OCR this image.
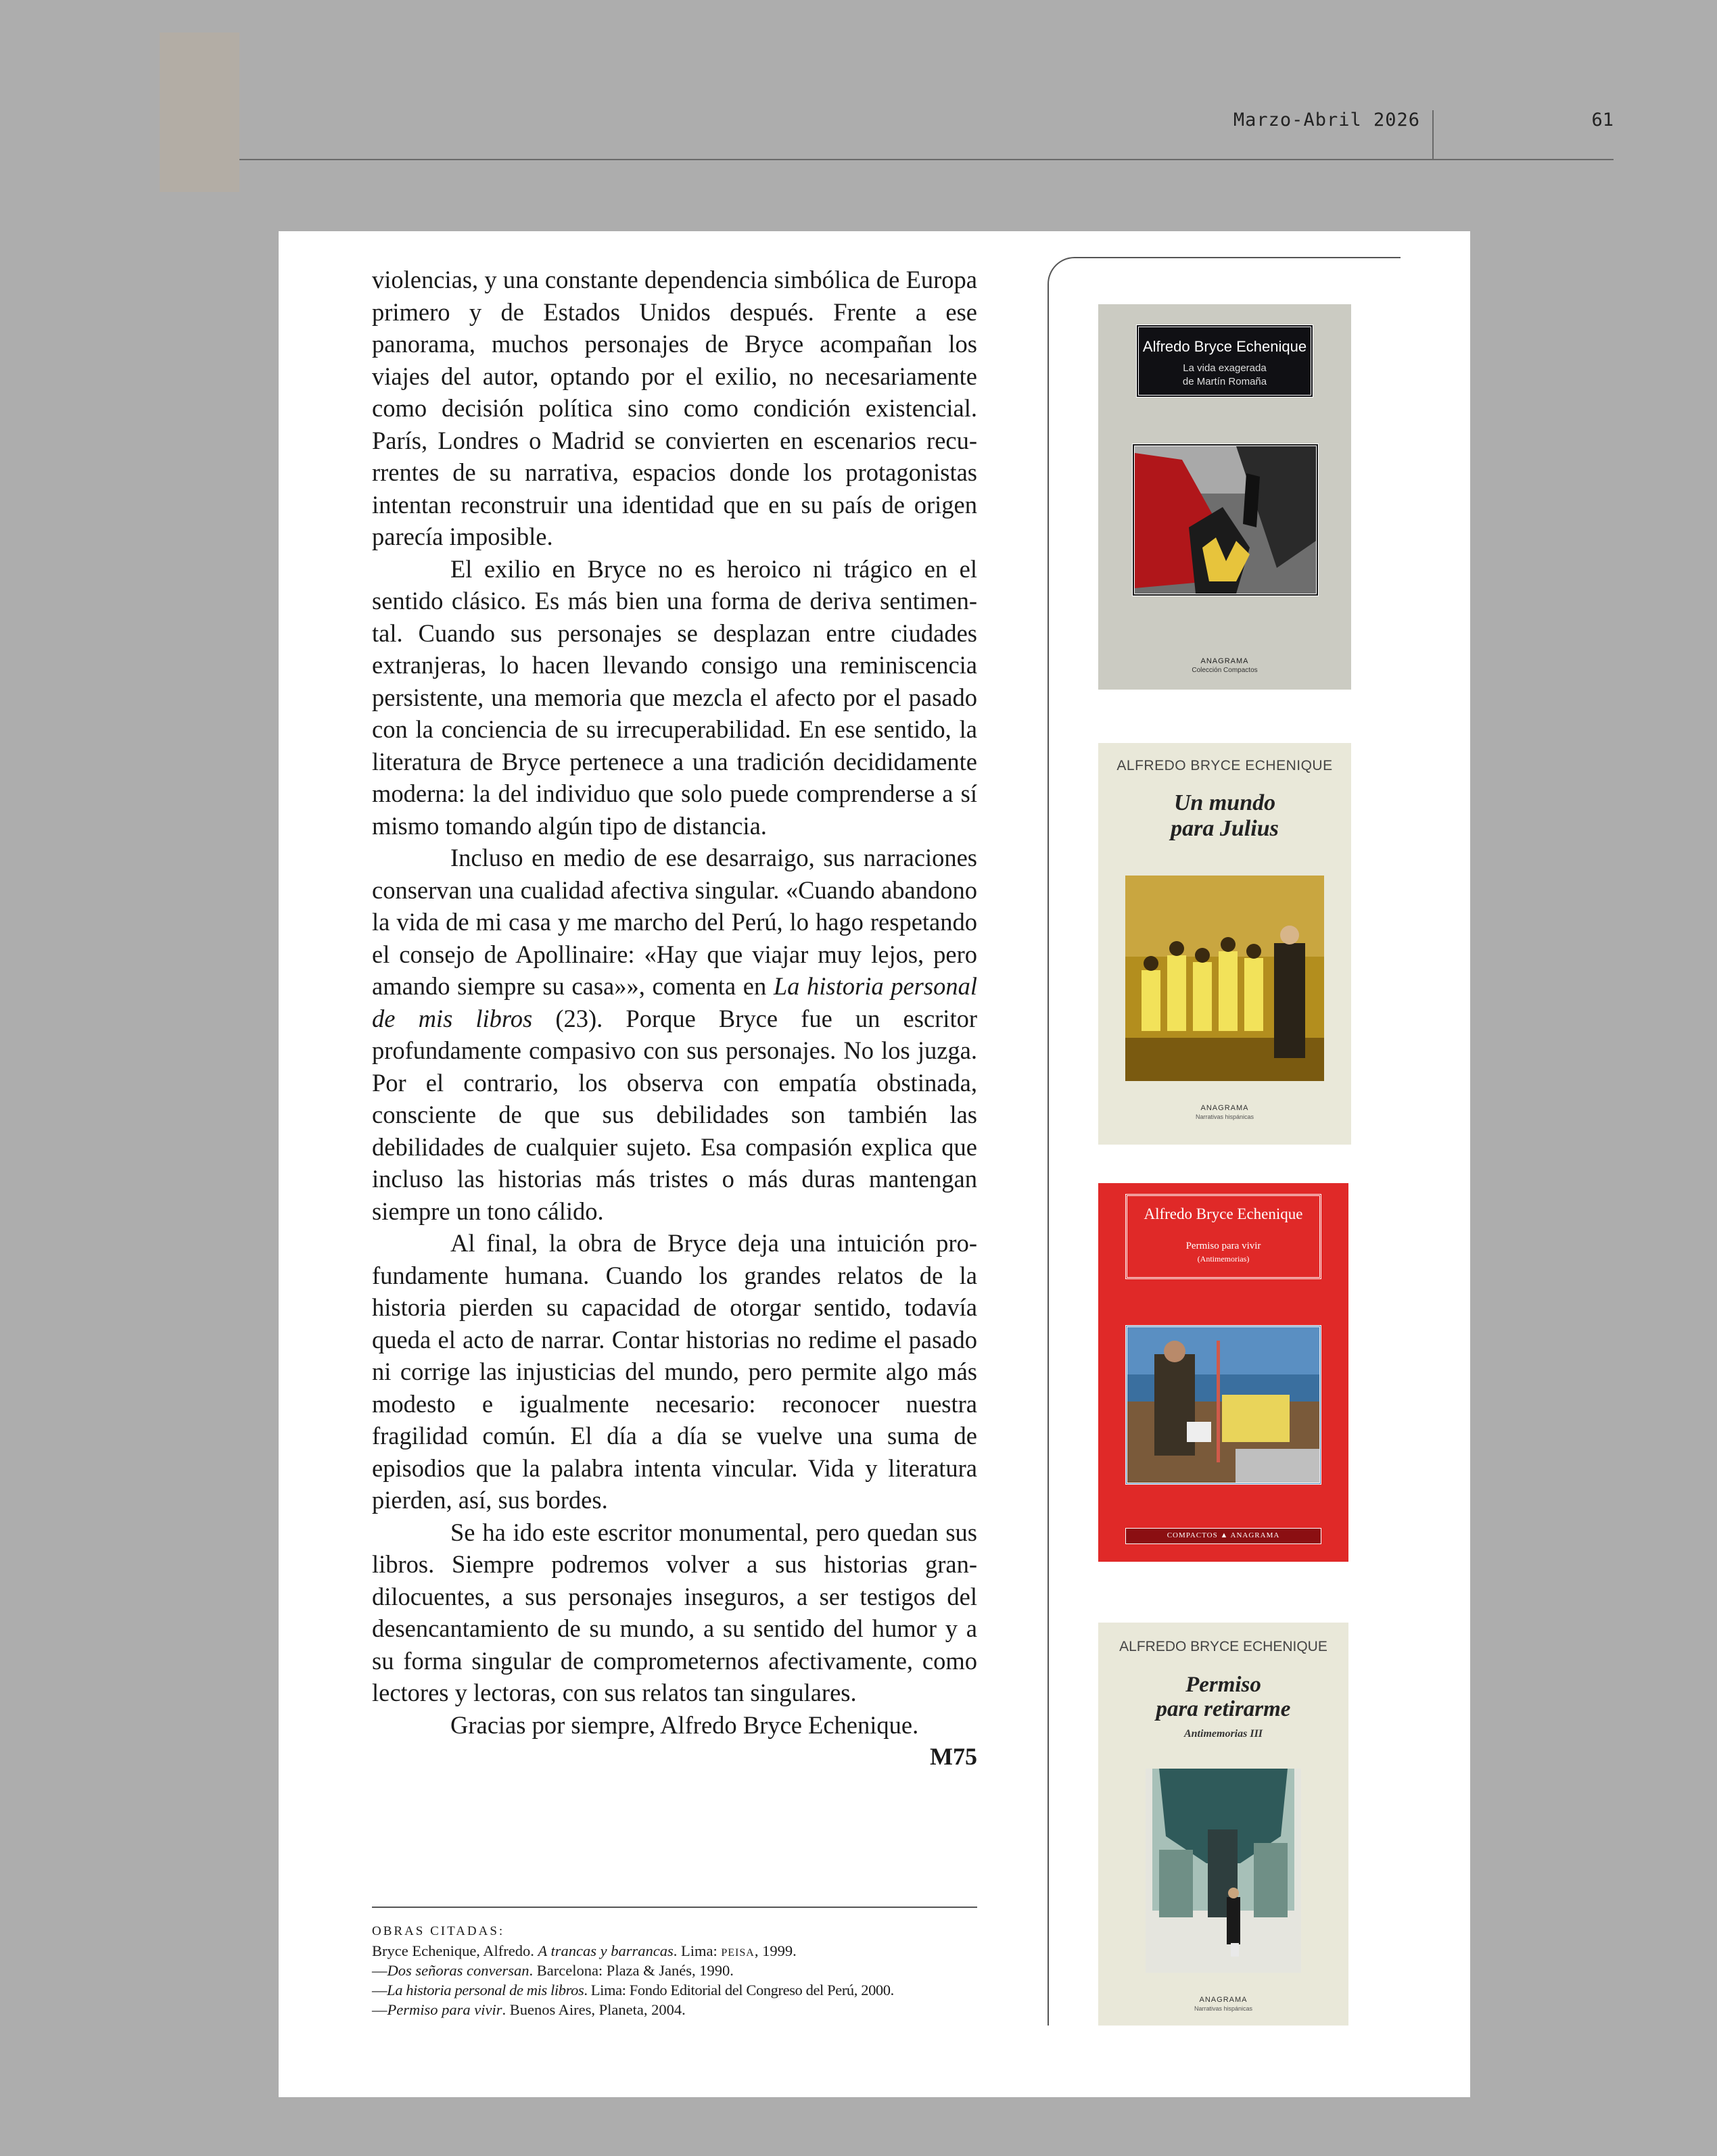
Marzo-Abril 2026	61

violencias, y una constante dependencia simbólica de Europa primero y de Estados Unidos después. Frente a ese panorama, muchos personajes de Bryce acompañan los viajes del autor, optando por el exilio, no necesariamente como decisión política sino como condición existencial. París, Londres o Madrid se convierten en escenarios recurrentes de su narrativa, espacios donde los protagonistas intentan reconstruir una identidad que en su país de origen parecía imposible.

El exilio en Bryce no es heroico ni trágico en el sentido clásico. Es más bien una forma de deriva sentimental. Cuando sus personajes se desplazan entre ciudades extranjeras, lo hacen llevando consigo una reminiscencia persistente, una memoria que mezcla el afecto por el pasado con la conciencia de su irrecuperabilidad. En ese sentido, la literatura de Bryce pertenece a una tradición decididamente moderna: la del individuo que solo puede comprenderse a sí mismo tomando algún tipo de distancia.

Incluso en medio de ese desarraigo, sus narraciones conservan una cualidad afectiva singular. «Cuando abandono la vida de mi casa y me marcho del Perú, lo hago respetando el consejo de Apollinaire: «Hay que viajar muy lejos, pero amando siempre su casa»», comenta en La historia personal de mis libros (23). Porque Bryce fue un escritor profundamente compasivo con sus personajes. No los juzga. Por el contrario, los observa con empatía obstinada, consciente de que sus debilidades son también las debilidades de cualquier sujeto. Esa compasión explica que incluso las historias más tristes o más duras mantengan siempre un tono cálido.

Al final, la obra de Bryce deja una intuición profundamente humana. Cuando los grandes relatos de la historia pierden su capacidad de otorgar sentido, todavía queda el acto de narrar. Contar historias no redime el pasado ni corrige las injusticias del mundo, pero permite algo más modesto e igualmente necesario: reconocer nuestra fragilidad común. El día a día se vuelve una suma de episodios que la palabra intenta vincular. Vida y literatura pierden, así, sus bordes.

Se ha ido este escritor monumental, pero quedan sus libros. Siempre podremos volver a sus historias grandilocuentes, a sus personajes inseguros, a ser testigos del desencantamiento de su mundo, a su sentido del humor y a su forma singular de comprometernos afectivamente, como lectores y lectoras, con sus relatos tan singulares.

Gracias por siempre, Alfredo Bryce Echenique.

M75
OBRAS CITADAS:
Bryce Echenique, Alfredo. A trancas y barrancas. Lima: peisa, 1999.
—Dos señoras conversan. Barcelona: Plaza & Janés, 1990.
—La historia personal de mis libros. Lima: Fondo Editorial del Congreso del Perú, 2000.
—Permiso para vivir. Buenos Aires, Planeta, 2004.
Alfredo Bryce Echenique
La vida exagerada
de Martín Romaña
ANAGRAMA
Colección Compactos
ALFREDO BRYCE ECHENIQUE
Un mundo
para Julius
ANAGRAMA
Narrativas hispánicas
Alfredo Bryce Echenique
Permiso para vivir
(Antimemorias)
COMPACTOS ▲ ANAGRAMA
ALFREDO BRYCE ECHENIQUE
Permiso
para retirarme
Antimemorias III
ANAGRAMA
Narrativas hispánicas
